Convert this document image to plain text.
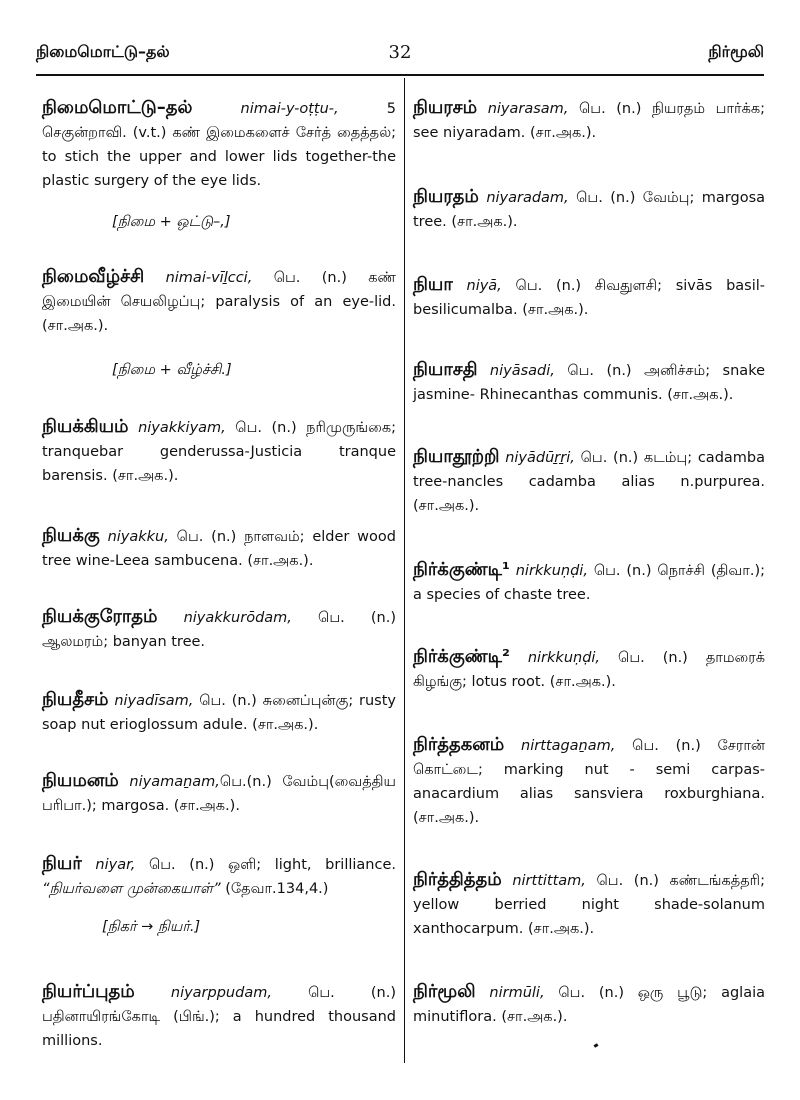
நிமைமொட்டு–தல்	32	நிர்மூலி
நிமைமொட்டு–தல்	nimai-y-oṭṭu-, 5 செகுன்றாவி. (v.t.) கண் இமைகளைச் சேர்த் தைத்தல்; to stich the upper and lower lids together-the plastic surgery of the eye lids.
[நிமை + ஒட்டு–,]
நிமைவீழ்ச்சி nimai-vīḻcci, பெ. (n.) கண் இமையின் செயலிழப்பு; paralysis of an eye-lid. (சா.அக.).
[நிமை + வீழ்ச்சி.]
நியக்கியம் niyakkiyam, பெ. (n.) நரிமுருங்கை; tranquebar genderussa-Justicia tranque barensis. (சா.அக.).
நியக்கு niyakku, பெ. (n.) நாளவம்; elder wood tree wine-Leea sambucena. (சா.அக.).
நியக்குரோதம் niyakkurōdam, பெ. (n.) ஆலமரம்; banyan tree.
நியதீசம் niyadīsam, பெ. (n.) சுனைப்புன்கு; rusty soap nut erioglossum adule. (சா.அக.).
நியமனம் niyamaṉam,பெ.(n.) வேம்பு(வைத்திய பரிபா.); margosa. (சா.அக.).
நியர் niyar, பெ. (n.) ஒளி; light, brilliance. “நியர்வளை முன்கையாள்” (தேவா.134,4.)
[நிகர் → நியர்.]
நியர்ப்புதம் niyarppudam, பெ. (n.) பதினாயிரங்கோடி (பிங்.); a hundred thousand millions.
நியரசம் niyarasam, பெ. (n.) நியரதம் பார்க்க; see niyaradam. (சா.அக.).
நியரதம் niyaradam, பெ. (n.) வேம்பு; margosa tree. (சா.அக.).
நியா niyā, பெ. (n.) சிவதுளசி; sivās basil-besilicumalba. (சா.அக.).
நியாசதி niyāsadi, பெ. (n.) அனிச்சம்; snake jasmine- Rhinecanthas communis. (சா.அக.).
நியாதூற்றி niyādūṟṟi, பெ. (n.) கடம்பு; cadamba tree-nancles cadamba alias n.purpurea. (சா.அக.).
நிர்க்குண்டி¹ nirkkuṇḍi, பெ. (n.) நொச்சி (திவா.); a species of chaste tree.
நிர்க்குண்டி² nirkkuṇḍi, பெ. (n.) தாமரைக் கிழங்கு; lotus root. (சா.அக.).
நிர்த்தகனம் nirttagaṉam, பெ. (n.) சேரான் கொட்டை; marking nut - semi carpas-anacardium alias sansviera roxburghiana. (சா.அக.).
நிர்த்தித்தம் nirttittam, பெ. (n.) கண்டங்கத்தரி; yellow berried night shade-solanum xanthocarpum. (சா.அக.).
நிர்மூலி nirmūli, பெ. (n.) ஒரு பூடு; aglaia minutiflora. (சா.அக.).
